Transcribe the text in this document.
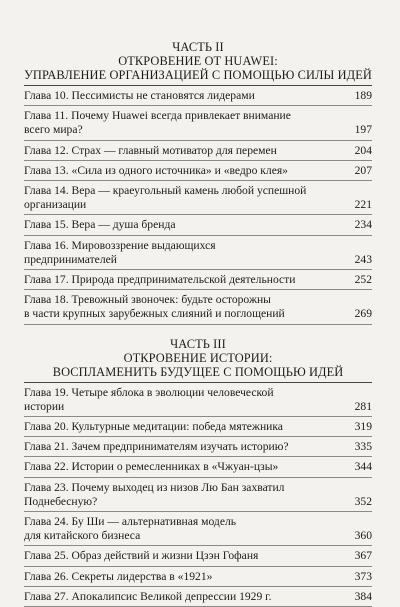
ЧАСТЬ II
ОТКРОВЕНИЕ ОТ HUAWEI:
УПРАВЛЕНИЕ ОРГАНИЗАЦИЕЙ С ПОМОЩЬЮ СИЛЫ ИДЕЙ
Глава 10. Пессимисты не становятся лидерами	189
Глава 11. Почему Huawei всегда привлекает внимание
всего мира?	197
Глава 12. Страх — главный мотиватор для перемен	204
Глава 13. «Сила из одного источника» и «ведро клея»	207
Глава 14. Вера — краеугольный камень любой успешной
организации	221
Глава 15. Вера — душа бренда	234
Глава 16. Мировоззрение выдающихся
предпринимателей	243
Глава 17. Природа предпринимательской деятельности	252
Глава 18. Тревожный звоночек: будьте осторожны
в части крупных зарубежных слияний и поглощений	269
ЧАСТЬ III
ОТКРОВЕНИЕ ИСТОРИИ:
ВОСПЛАМЕНИТЬ БУДУЩЕЕ С ПОМОЩЬЮ ИДЕЙ
Глава 19. Четыре яблока в эволюции человеческой
истории	281
Глава 20. Культурные медитации: победа мятежника	319
Глава 21. Зачем предпринимателям изучать историю?	335
Глава 22. Истории о ремесленниках в «Чжуан-цзы»	344
Глава 23. Почему выходец из низов Лю Бан захватил
Поднебесную?	352
Глава 24. Бу Ши — альтернативная модель
для китайского бизнеса	360
Глава 25. Образ действий и жизни Цзэн Гофаня	367
Глава 26. Секреты лидерства в «1921»	373
Глава 27. Апокалипсис Великой депрессии 1929 г.	384
